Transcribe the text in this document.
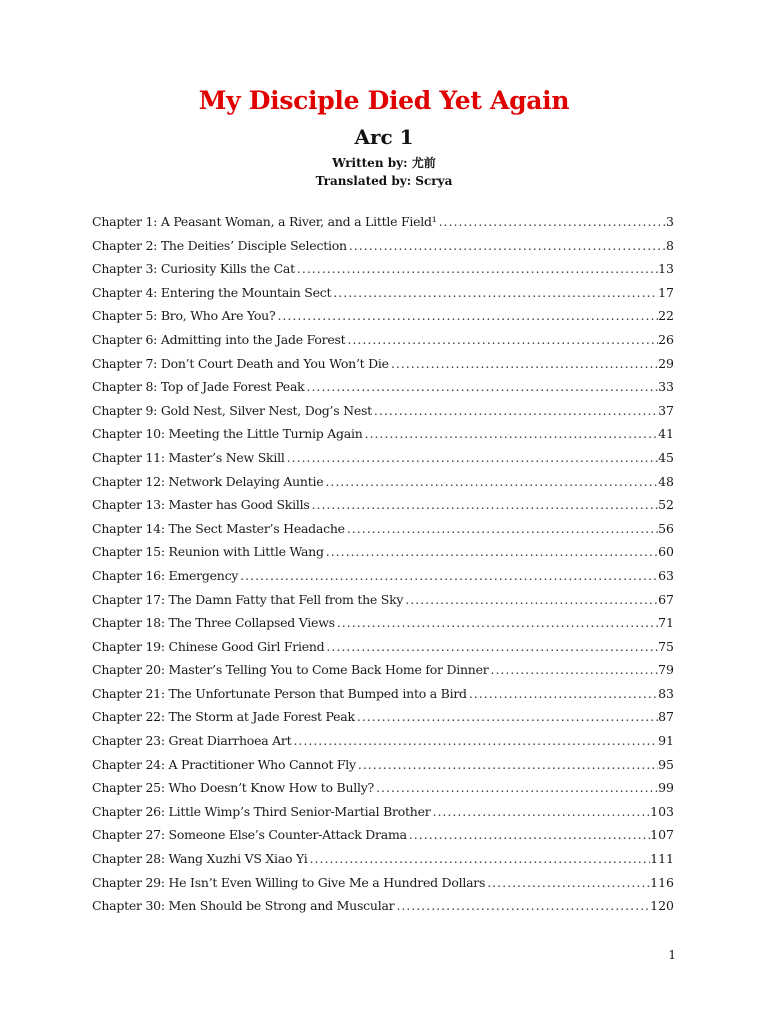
My Disciple Died Yet Again
Arc 1
Written by: 尤前
Translated by: Scrya
Chapter 1: A Peasant Woman, a River, and a Little Field¹ .....	3
Chapter 2: The Deities’ Disciple Selection .....	8
Chapter 3: Curiosity Kills the Cat .....	13
Chapter 4: Entering the Mountain Sect .....	17
Chapter 5: Bro, Who Are You? .....	22
Chapter 6: Admitting into the Jade Forest .....	26
Chapter 7: Don’t Court Death and You Won’t Die .....	29
Chapter 8: Top of Jade Forest Peak .....	33
Chapter 9: Gold Nest, Silver Nest, Dog’s Nest .....	37
Chapter 10: Meeting the Little Turnip Again .....	41
Chapter 11: Master’s New Skill .....	45
Chapter 12: Network Delaying Auntie .....	48
Chapter 13: Master has Good Skills .....	52
Chapter 14: The Sect Master’s Headache .....	56
Chapter 15: Reunion with Little Wang .....	60
Chapter 16: Emergency .....	63
Chapter 17: The Damn Fatty that Fell from the Sky .....	67
Chapter 18: The Three Collapsed Views .....	71
Chapter 19: Chinese Good Girl Friend .....	75
Chapter 20: Master’s Telling You to Come Back Home for Dinner .....	79
Chapter 21: The Unfortunate Person that Bumped into a Bird .....	83
Chapter 22: The Storm at Jade Forest Peak .....	87
Chapter 23: Great Diarrhoea Art .....	91
Chapter 24: A Practitioner Who Cannot Fly .....	95
Chapter 25: Who Doesn’t Know How to Bully? .....	99
Chapter 26: Little Wimp’s Third Senior-Martial Brother .....	103
Chapter 27: Someone Else’s Counter-Attack Drama .....	107
Chapter 28: Wang Xuzhi VS Xiao Yi .....	111
Chapter 29: He Isn’t Even Willing to Give Me a Hundred Dollars .....	116
Chapter 30: Men Should be Strong and Muscular .....	120
1
